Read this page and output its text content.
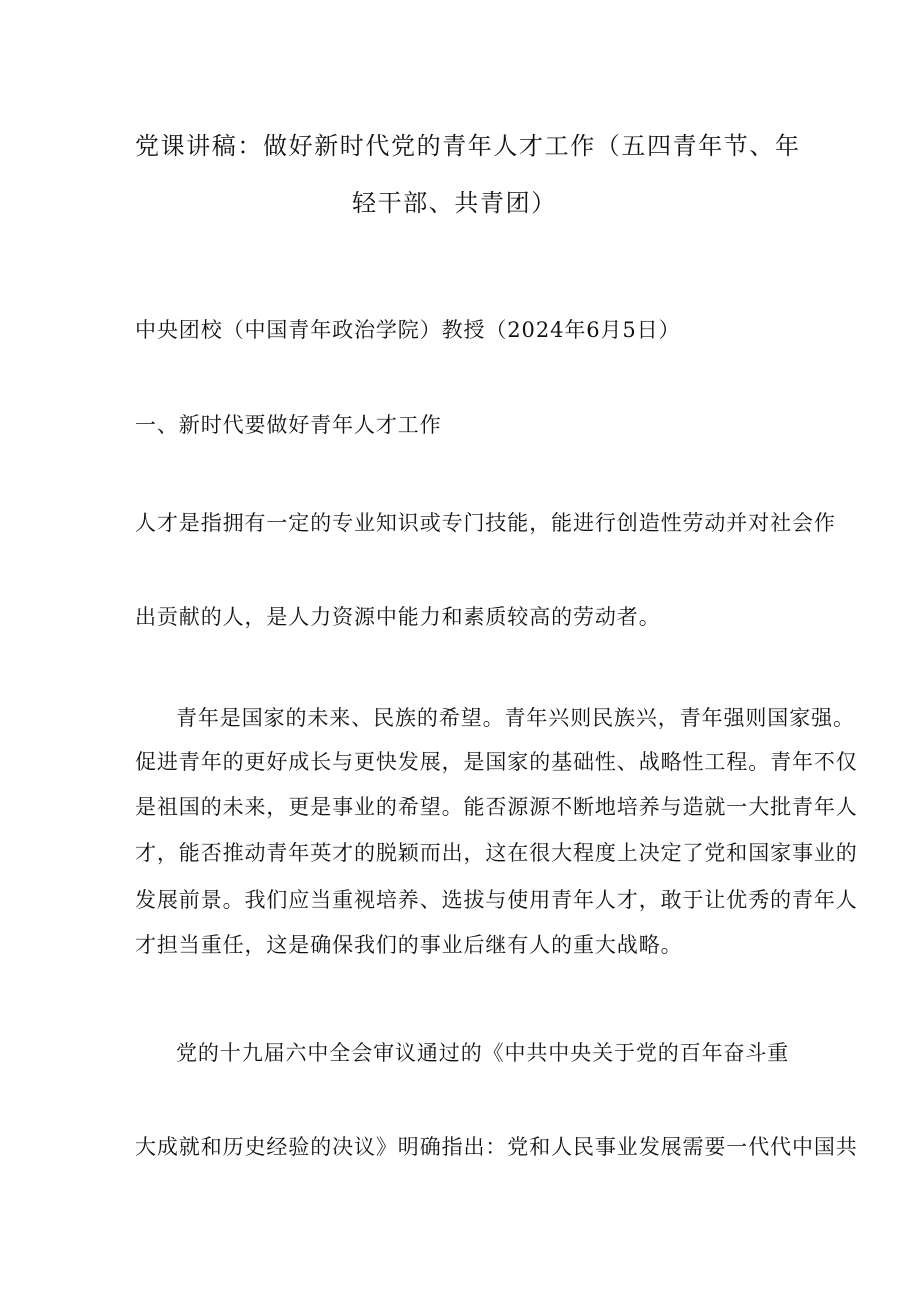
党课讲稿：做好新时代党的青年人才工作（五四青年节、年
轻干部、共青团）
中央团校（中国青年政治学院）教授（2024年6月5日）
一、新时代要做好青年人才工作
人才是指拥有一定的专业知识或专门技能，能进行创造性劳动并对社会作
出贡献的人，是人力资源中能力和素质较高的劳动者。
青年是国家的未来、民族的希望。青年兴则民族兴，青年强则国家强。
促进青年的更好成长与更快发展，是国家的基础性、战略性工程。青年不仅
是祖国的未来，更是事业的希望。能否源源不断地培养与造就一大批青年人
才，能否推动青年英才的脱颖而出，这在很大程度上决定了党和国家事业的
发展前景。我们应当重视培养、选拔与使用青年人才，敢于让优秀的青年人
才担当重任，这是确保我们的事业后继有人的重大战略。
党的十九届六中全会审议通过的《中共中央关于党的百年奋斗重
大成就和历史经验的决议》明确指出：党和人民事业发展需要一代代中国共
